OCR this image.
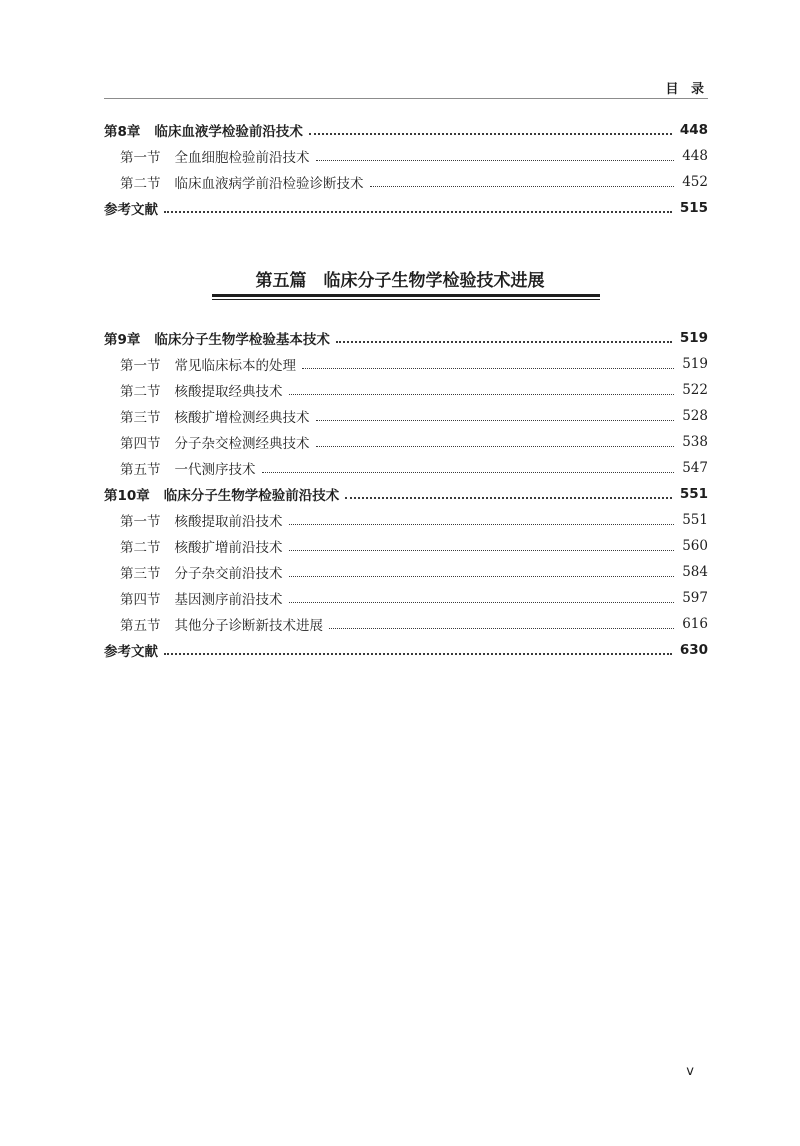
目 录
第8章 临床血液学检验前沿技术	448
第一节 全血细胞检验前沿技术	448
第二节 临床血液病学前沿检验诊断技术	452
参考文献	515
第五篇　临床分子生物学检验技术进展
第9章 临床分子生物学检验基本技术	519
第一节 常见临床标本的处理	519
第二节 核酸提取经典技术	522
第三节 核酸扩增检测经典技术	528
第四节 分子杂交检测经典技术	538
第五节 一代测序技术	547
第10章 临床分子生物学检验前沿技术	551
第一节 核酸提取前沿技术	551
第二节 核酸扩增前沿技术	560
第三节 分子杂交前沿技术	584
第四节 基因测序前沿技术	597
第五节 其他分子诊断新技术进展	616
参考文献	630
v
